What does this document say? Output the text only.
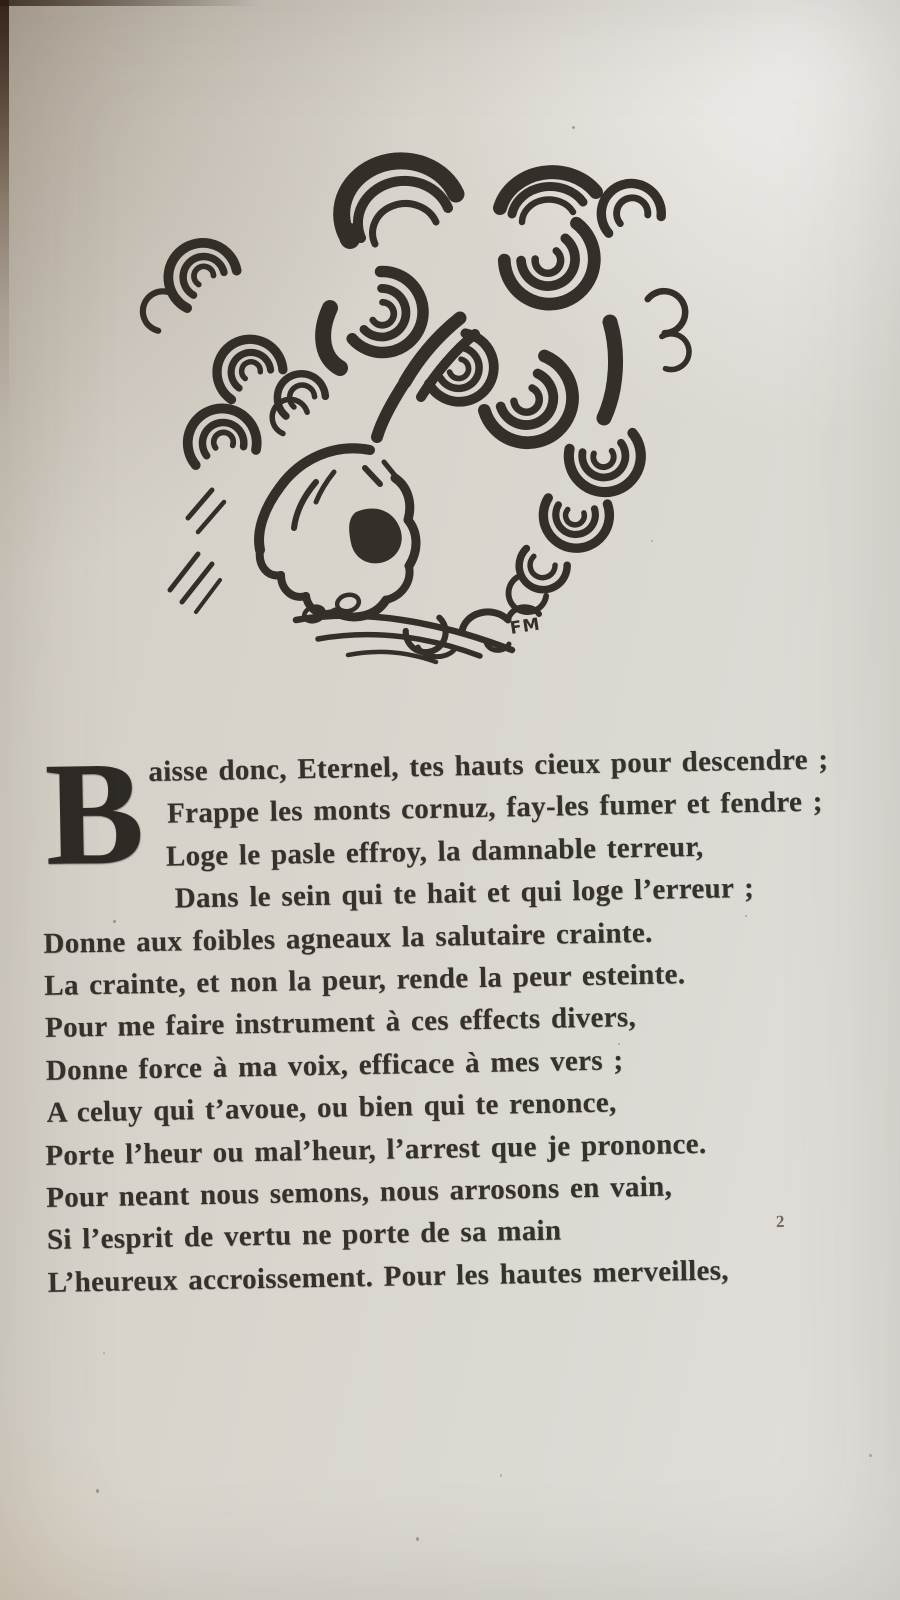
FM
B aisse donc, Eternel, tes hauts cieux pour descendre ;
Frappe les monts cornuz, fay-les fumer et fendre ;
Loge le pasle effroy, la damnable terreur,
Dans le sein qui te hait et qui loge l’erreur ;
Donne aux foibles agneaux la salutaire crainte.
La crainte, et non la peur, rende la peur esteinte.
Pour me faire instrument à ces effects divers,
Donne force à ma voix, efficace à mes vers ;
A celuy qui t’avoue, ou bien qui te renonce,
Porte l’heur ou mal’heur, l’arrest que je prononce.
Pour neant nous semons, nous arrosons en vain,
Si l’esprit de vertu ne porte de sa main
L’heureux accroissement. Pour les hautes merveilles,
2
